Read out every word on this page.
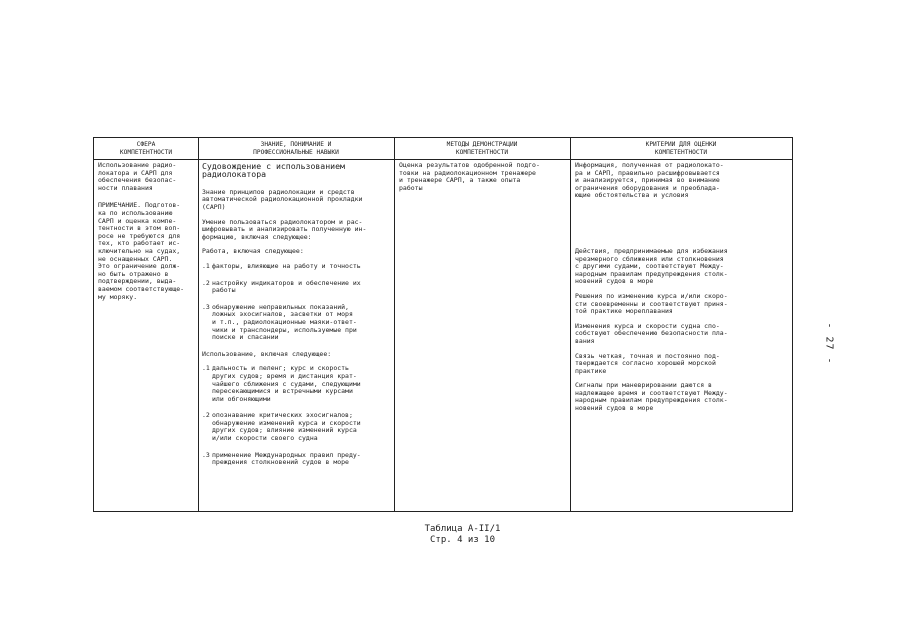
- 27 -
СФЕРА
КОМПЕТЕНТНОСТИ
ЗНАНИЕ, ПОНИМАНИЕ И
ПРОФЕССИОНАЛЬНЫЕ НАВЫКИ
МЕТОДЫ ДЕМОНСТРАЦИИ
КОМПЕТЕНТНОСТИ
КРИТЕРИИ ДЛЯ ОЦЕНКИ
КОМПЕТЕНТНОСТИ

Использование радио-
локатора и САРП для
обеспечения безопас-
ности плавания

ПРИМЕЧАНИЕ. Подготов-
ка по использованию
САРП и оценка компе-
тентности в этом воп-
росе не требуются для
тех, кто работает ис-
ключительно на судах,
не оснащенных САРП.
Это ограничение долж-
но быть отражено в
подтверждении, выда-
ваемом соответствующе-
му моряку.

Судовождение с использованием
радиолокатора

Знание принципов радиолокации и средств
автоматической радиолокационной прокладки
(САРП)

Умение пользоваться радиолокатором и рас-
шифровывать и анализировать полученную ин-
формацию, включая следующее:

Работа, включая следующее:

.1 факторы, влияющие на работу и точность
.2 настройку индикаторов и обеспечение их
работы
.3 обнаружение неправильных показаний,
ложных эхосигналов, засветки от моря
и т.п., радиолокационные маяки-ответ-
чики и транспондеры, используемые при
поиске и спасании

Использование, включая следующее:

.1 дальность и пеленг; курс и скорость
других судов; время и дистанция крат-
чайшего сближения с судами, следующими
пересекающимися и встречными курсами
или обгоняющими
.2 опознавание критических эхосигналов;
обнаружение изменений курса и скорости
других судов; влияние изменений курса
и/или скорости своего судна
.3 применение Международных правил преду-
преждения столкновений судов в море

Оценка результатов одобренной подго-
товки на радиолокационном тренажере
и тренажере САРП, а также опыта
работы

Информация, полученная от радиолокато-
ра и САРП, правильно расшифровывается
и анализируется, принимая во внимание
ограничения оборудования и преоблада-
ющие обстоятельства и условия

Действия, предпринимаемые для избежания
чрезмерного сближения или столкновения
с другими судами, соответствуют Между-
народным правилам предупреждения столк-
новений судов в море

Решения по изменению курса и/или скоро-
сти своевременны и соответствуют приня-
той практике мореплавания

Изменения курса и скорости судна спо-
собствуют обеспечению безопасности пла-
вания

Связь четкая, точная и постоянно под-
тверждается согласно хорошей морской
практике

Сигналы при маневрировании даются в
надлежащее время и соответствуют Между-
народным правилам предупреждения столк-
новений судов в море

Таблица A-II/1
Стр. 4 из 10
